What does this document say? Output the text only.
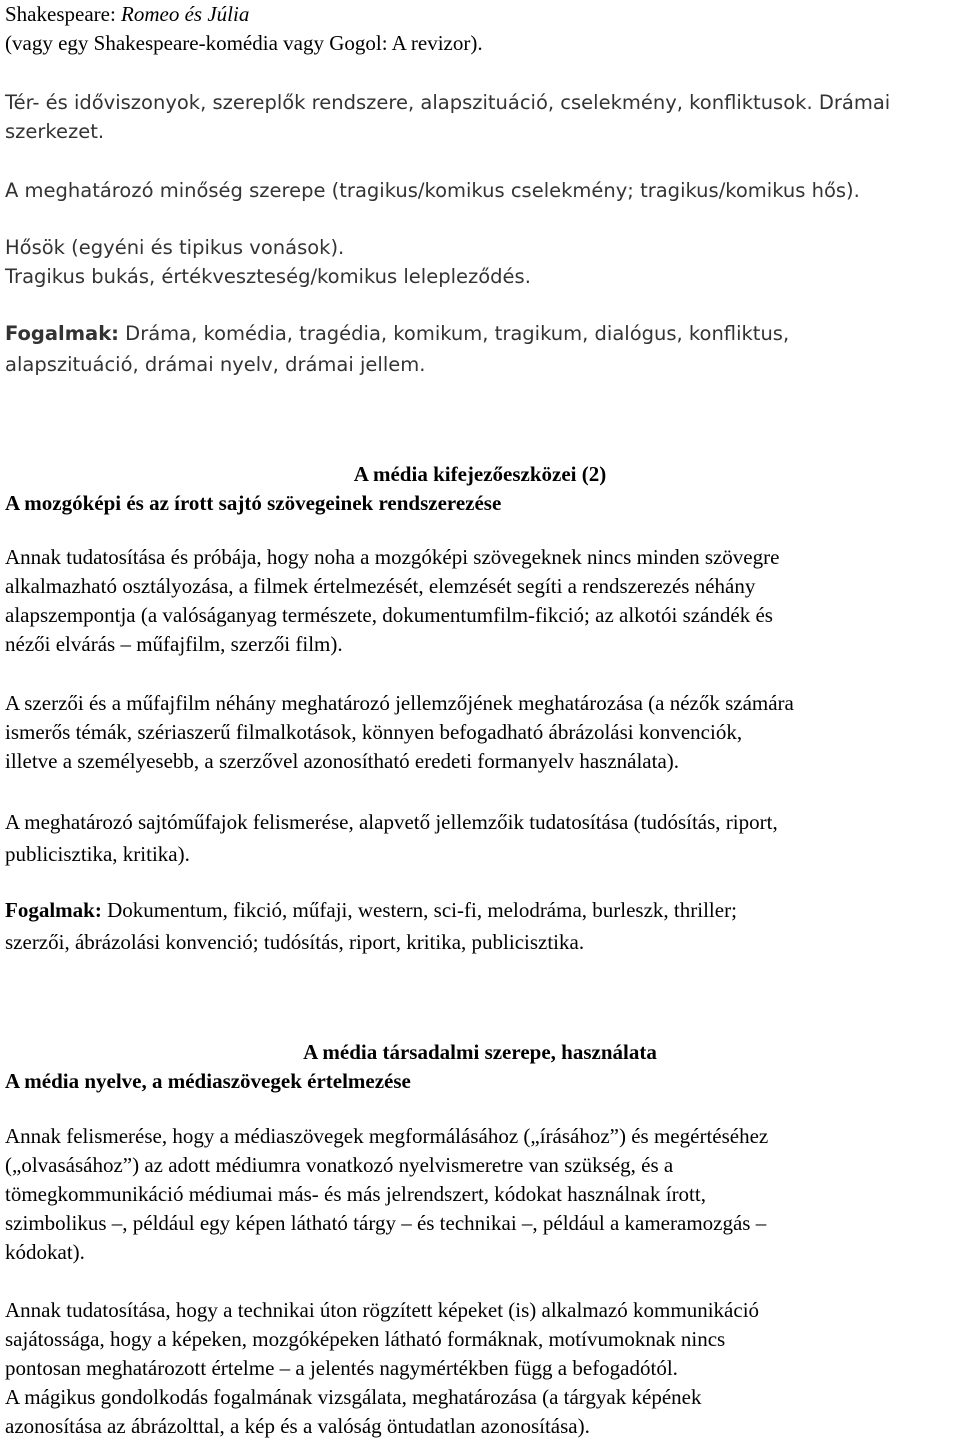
Shakespeare: Romeo és Júlia

(vagy egy Shakespeare-komédia vagy Gogol: A revizor).

Tér- és időviszonyok, szereplők rendszere, alapszituáció, cselekmény, konfliktusok. Drámai

szerkezet.

A meghatározó minőség szerepe (tragikus/komikus cselekmény; tragikus/komikus hős).

Hősök (egyéni és tipikus vonások).

Tragikus bukás, értékveszteség/komikus lelepleződés.

Fogalmak: Dráma, komédia, tragédia, komikum, tragikum, dialógus, konfliktus,

alapszituáció, drámai nyelv, drámai jellem.

A média kifejezőeszközei (2)

A mozgóképi és az írott sajtó szövegeinek rendszerezése

Annak tudatosítása és próbája, hogy noha a mozgóképi szövegeknek nincs minden szövegre

alkalmazható osztályozása, a filmek értelmezését, elemzését segíti a rendszerezés néhány

alapszempontja (a valóságanyag természete, dokumentumfilm-fikció; az alkotói szándék és

nézői elvárás – műfajfilm, szerzői film).

A szerzői és a műfajfilm néhány meghatározó jellemzőjének meghatározása (a nézők számára

ismerős témák, szériaszerű filmalkotások, könnyen befogadható ábrázolási konvenciók,

illetve a személyesebb, a szerzővel azonosítható eredeti formanyelv használata).

A meghatározó sajtóműfajok felismerése, alapvető jellemzőik tudatosítása (tudósítás, riport,

publicisztika, kritika).

Fogalmak: Dokumentum, fikció, műfaji, western, sci-fi, melodráma, burleszk, thriller;

szerzői, ábrázolási konvenció; tudósítás, riport, kritika, publicisztika.

A média társadalmi szerepe, használata

A média nyelve, a médiaszövegek értelmezése

Annak felismerése, hogy a médiaszövegek megformálásához („írásához”) és megértéséhez

(„olvasásához”) az adott médiumra vonatkozó nyelvismeretre van szükség, és a

tömegkommunikáció médiumai más- és más jelrendszert, kódokat használnak írott,

szimbolikus –, például egy képen látható tárgy – és technikai –, például a kameramozgás –

kódokat).

Annak tudatosítása, hogy a technikai úton rögzített képeket (is) alkalmazó kommunikáció

sajátossága, hogy a képeken, mozgóképeken látható formáknak, motívumoknak nincs

pontosan meghatározott értelme – a jelentés nagymértékben függ a befogadótól.

A mágikus gondolkodás fogalmának vizsgálata, meghatározása (a tárgyak képének

azonosítása az ábrázolttal, a kép és a valóság öntudatlan azonosítása).
